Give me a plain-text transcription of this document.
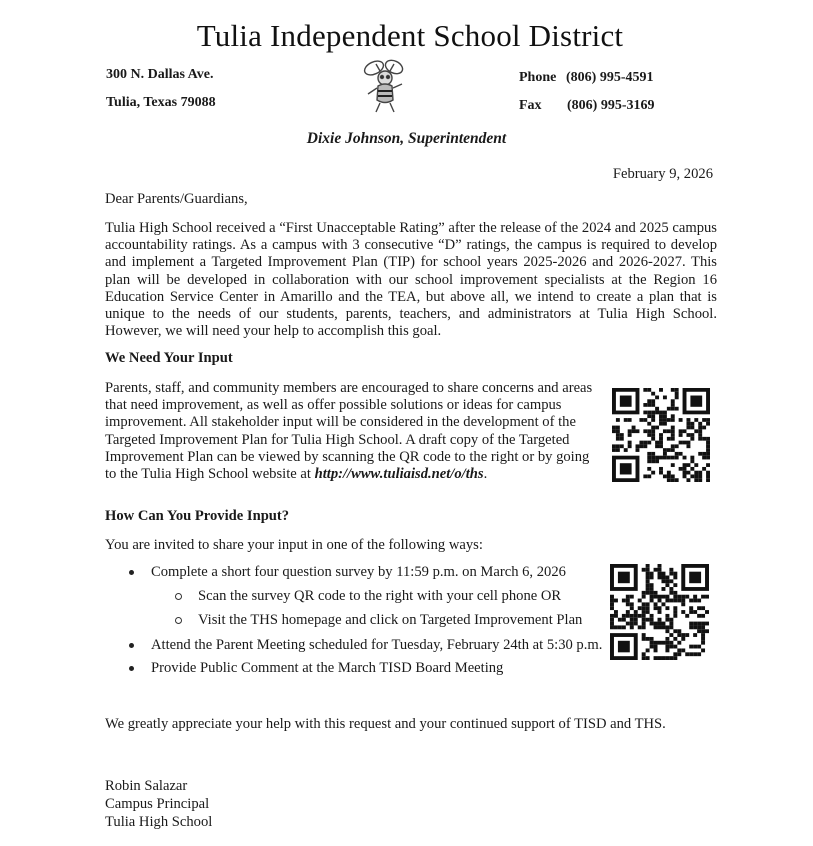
Tulia Independent School District
300 N. Dallas Ave.
Tulia, Texas 79088
Phone (806) 995-4591
Fax (806) 995-3169
Dixie Johnson, Superintendent
February 9, 2026
Dear Parents/Guardians,
Tulia High School received a “First Unacceptable Rating” after the release of the 2024 and 2025 campus accountability ratings. As a campus with 3 consecutive “D” ratings, the campus is required to develop and implement a Targeted Improvement Plan (TIP) for school years 2025-2026 and 2026-2027. This plan will be developed in collaboration with our school improvement specialists at the Region 16 Education Service Center in Amarillo and the TEA, but above all, we intend to create a plan that is unique to the needs of our students, parents, teachers, and administrators at Tulia High School. However, we will need your help to accomplish this goal.
We Need Your Input
Parents, staff, and community members are encouraged to share concerns and areas that need improvement, as well as offer possible solutions or ideas for campus improvement. All stakeholder input will be considered in the development of the Targeted Improvement Plan for Tulia High School. A draft copy of the Targeted Improvement Plan can be viewed by scanning the QR code to the right or by going to the Tulia High School website at http://www.tuliaisd.net/o/ths.
How Can You Provide Input?
You are invited to share your input in one of the following ways:
Complete a short four question survey by 11:59 p.m. on March 6, 2026
Scan the survey QR code to the right with your cell phone OR
Visit the THS homepage and click on Targeted Improvement Plan
Attend the Parent Meeting scheduled for Tuesday, February 24th at 5:30 p.m.
Provide Public Comment at the March TISD Board Meeting
We greatly appreciate your help with this request and your continued support of TISD and THS.
Robin Salazar
Campus Principal
Tulia High School
